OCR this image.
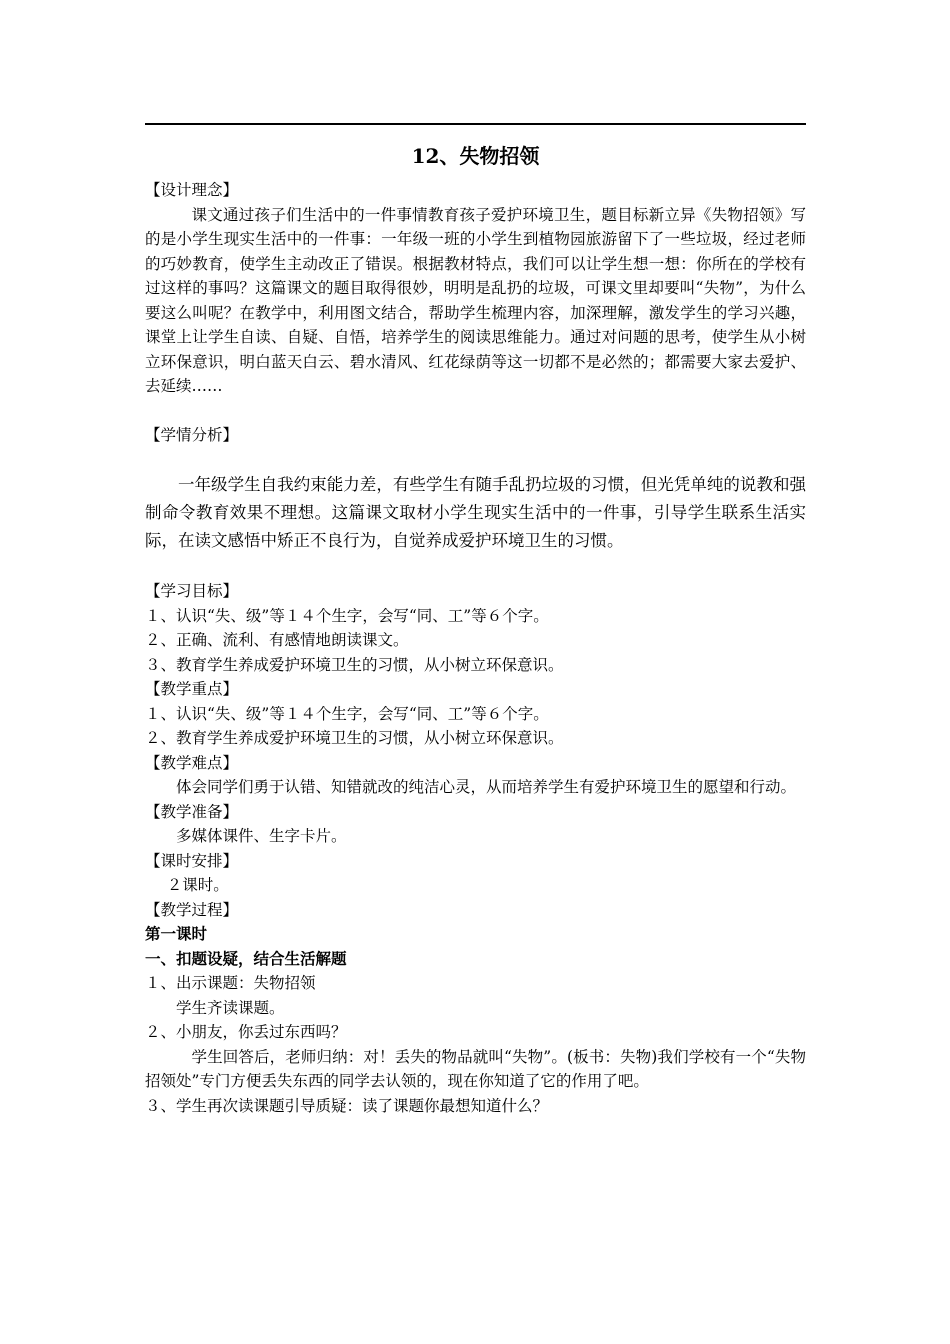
12、失物招领

【设计理念】

课文通过孩子们生活中的一件事情教育孩子爱护环境卫生，题目标新立异《失物招领》写的是小学生现实生活中的一件事：一年级一班的小学生到植物园旅游留下了一些垃圾，经过老师的巧妙教育，使学生主动改正了错误。根据教材特点，我们可以让学生想一想：你所在的学校有过这样的事吗？这篇课文的题目取得很妙，明明是乱扔的垃圾，可课文里却要叫“失物”，为什么要这么叫呢？在教学中，利用图文结合，帮助学生梳理内容，加深理解，激发学生的学习兴趣，课堂上让学生自读、自疑、自悟，培养学生的阅读思维能力。通过对问题的思考，使学生从小树立环保意识，明白蓝天白云、碧水清风、红花绿荫等这一切都不是必然的；都需要大家去爱护、去延续……

【学情分析】

一年级学生自我约束能力差，有些学生有随手乱扔垃圾的习惯，但光凭单纯的说教和强制命令教育效果不理想。这篇课文取材小学生现实生活中的一件事，引导学生联系生活实际，在读文感悟中矫正不良行为，自觉养成爱护环境卫生的习惯。

【学习目标】

１、认识“失、级”等１４个生字，会写“同、工”等６个字。

２、正确、流利、有感情地朗读课文。

３、教育学生养成爱护环境卫生的习惯，从小树立环保意识。

【教学重点】

１、认识“失、级”等１４个生字，会写“同、工”等６个字。

２、教育学生养成爱护环境卫生的习惯，从小树立环保意识。

【教学难点】

体会同学们勇于认错、知错就改的纯洁心灵，从而培养学生有爱护环境卫生的愿望和行动。

【教学准备】

多媒体课件、生字卡片。

【课时安排】

２课时。

【教学过程】

第一课时

一、扣题设疑，结合生活解题

１、出示课题：失物招领

学生齐读课题。

２、小朋友，你丢过东西吗？

学生回答后，老师归纳：对！丢失的物品就叫“失物”。(板书：失物)我们学校有一个“失物招领处”专门方便丢失东西的同学去认领的，现在你知道了它的作用了吧。

３、学生再次读课题引导质疑：读了课题你最想知道什么？
